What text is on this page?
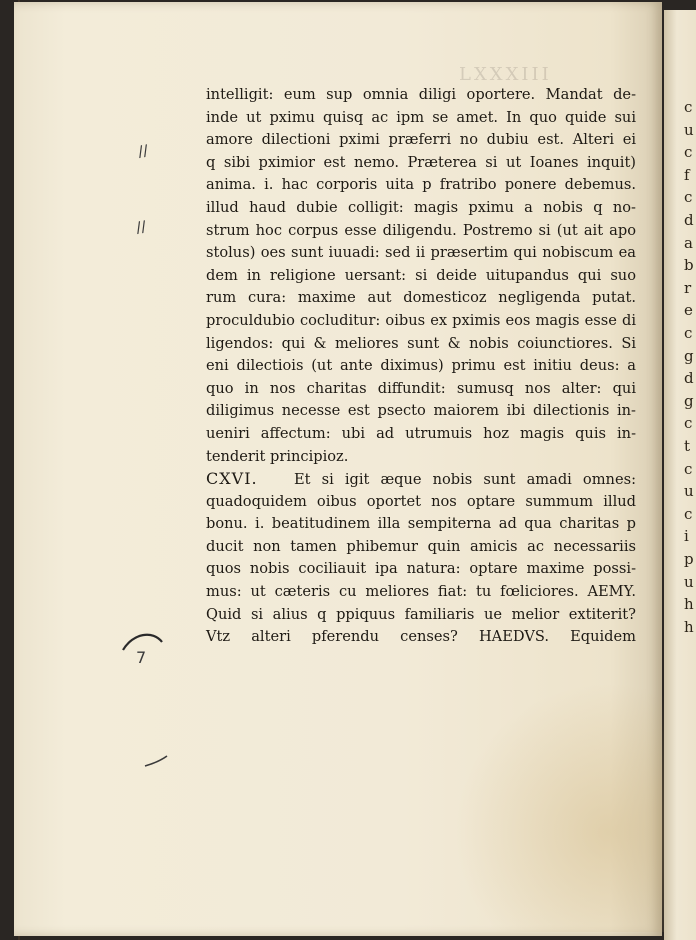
LXXXIII
c
u
c
f
c
d
a
b
r
e
c
g
d
g
c
t
c
u
c
i
p
u
h
h
//
//
7
intelligit: eum sup omnia diligi oportere. Mandat de-
inde ut pximu quisq ac ipm se amet. In quo quide sui
amore dilectioni pximi præferri no dubiu est. Alteri ei
q sibi pximior est nemo. Præterea si ut Ioanes inquit)
anima. i. hac corporis uita p fratribo ponere debemus.
illud haud dubie colligit: magis pximu a nobis q no-
strum hoc corpus esse diligendu. Postremo si (ut ait apo
stolus) oes sunt iuuadi: sed ii præsertim qui nobiscum ea
dem in religione uersant: si deide uitupandus qui suo
rum cura: maxime aut domesticoz negligenda putat.
proculdubio cocluditur: oibus ex pximis eos magis esse di
ligendos: qui & meliores sunt & nobis coiunctiores. Si
eni dilectiois (ut ante diximus) primu est initiu deus: a
quo in nos charitas diffundit: sumusq nos alter: qui
diligimus necesse est psecto maiorem ibi dilectionis in-
ueniri affectum: ubi ad utrumuis hoz magis quis in-
tenderit principioz.
CXVI. Et si igit æque nobis sunt amadi omnes:
quadoquidem oibus oportet nos optare summum illud
bonu. i. beatitudinem illa sempiterna ad qua charitas p
ducit non tamen phibemur quin amicis ac necessariis
quos nobis cociliauit ipa natura: optare maxime possi-
mus: ut cæteris cu meliores fiat: tu fœliciores. AEMY.
Quid si alius q ppiquus familiaris ue melior extiterit?
Vtz alteri pferendu censes? HAEDVS. Equidem
